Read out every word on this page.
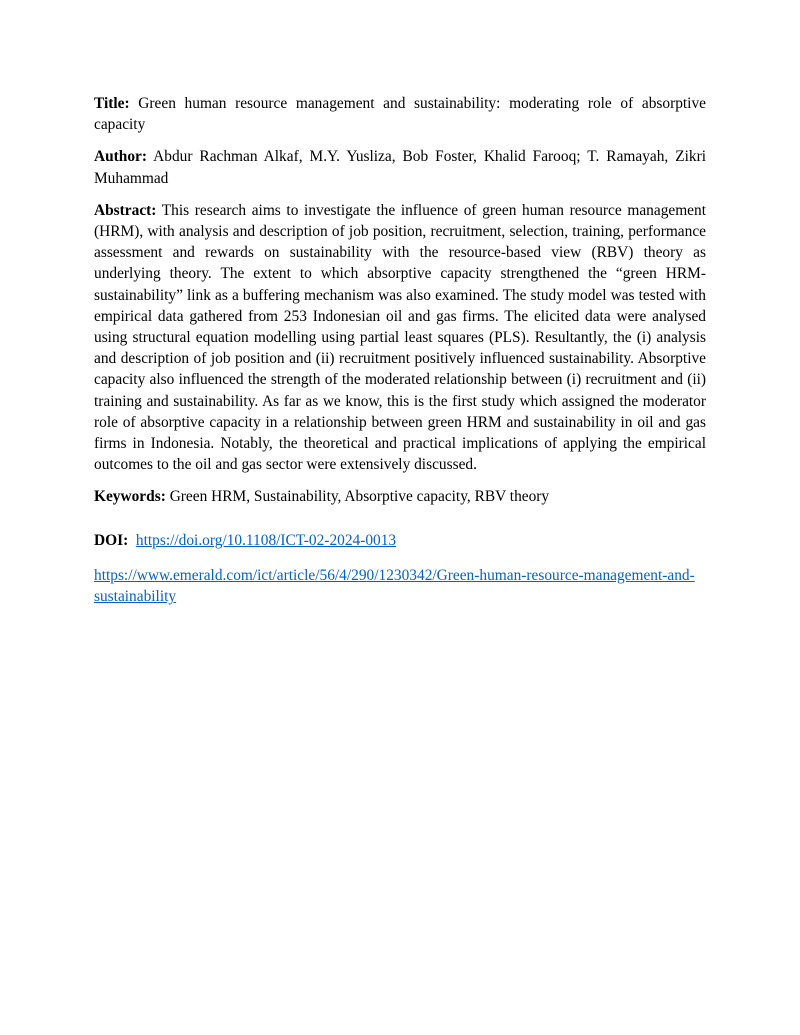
Title: Green human resource management and sustainability: moderating role of absorptive capacity

Author: Abdur Rachman Alkaf, M.Y. Yusliza, Bob Foster, Khalid Farooq; T. Ramayah, Zikri Muhammad

Abstract: This research aims to investigate the influence of green human resource management (HRM), with analysis and description of job position, recruitment, selection, training, performance assessment and rewards on sustainability with the resource-based view (RBV) theory as underlying theory. The extent to which absorptive capacity strengthened the “green HRM-sustainability” link as a buffering mechanism was also examined. The study model was tested with empirical data gathered from 253 Indonesian oil and gas firms. The elicited data were analysed using structural equation modelling using partial least squares (PLS). Resultantly, the (i) analysis and description of job position and (ii) recruitment positively influenced sustainability. Absorptive capacity also influenced the strength of the moderated relationship between (i) recruitment and (ii) training and sustainability. As far as we know, this is the first study which assigned the moderator role of absorptive capacity in a relationship between green HRM and sustainability in oil and gas firms in Indonesia. Notably, the theoretical and practical implications of applying the empirical outcomes to the oil and gas sector were extensively discussed.

Keywords: Green HRM, Sustainability, Absorptive capacity, RBV theory

DOI: https://doi.org/10.1108/ICT-02-2024-0013

https://www.emerald.com/ict/article/56/4/290/1230342/Green-human-resource-management-and-sustainability
